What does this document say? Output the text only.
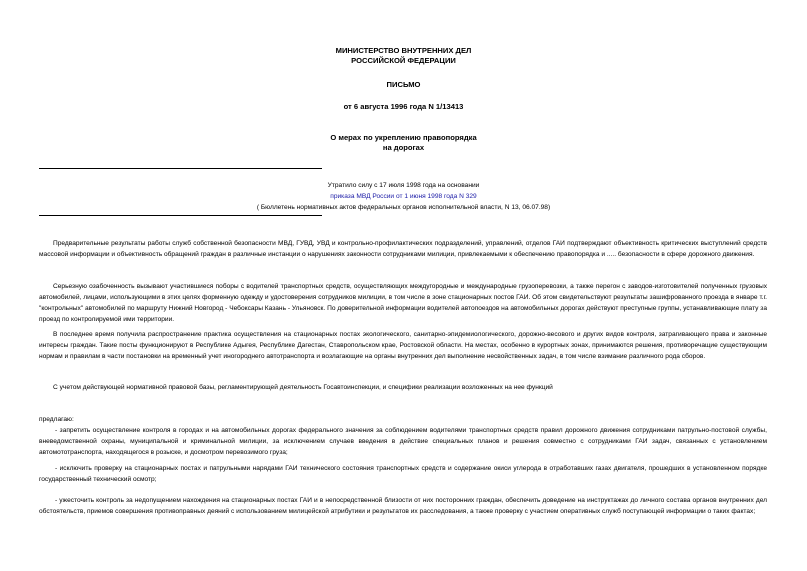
МИНИСТЕРСТВО ВНУТРЕННИХ ДЕЛ
РОССИЙСКОЙ ФЕДЕРАЦИИ
ПИСЬМО
от 6 августа 1996 года N 1/13413
О мерах по укреплению правопорядка
на дорогах
Утратило силу с 17 июля 1998 года на основании
приказа МВД России от 1 июня 1998 года N 329
( Бюллетень нормативных актов федеральных органов исполнительной власти, N 13, 06.07.98)

Предварительные результаты работы служб собственной безопасности МВД, ГУВД, УВД и контрольно-профилактических подразделений, управлений, отделов ГАИ подтверждают объективность критических выступлений средств массовой информации и объективность обращений граждан в различные инстанции о нарушениях законности сотрудниками милиции, привлекаемыми к обеспечению правопорядка и ..... безопасности в сфере дорожного движения.

Серьезную озабоченность вызывают участившиеся поборы с водителей транспортных средств, осуществляющих междугородные и международные грузоперевозки, а также перегон с заводов-изготовителей полученных грузовых автомобилей, лицами, использующими в этих целях форменную одежду и удостоверения сотрудников милиции, в том числе в зоне стационарных постов ГАИ. Об этом свидетельствуют результаты зашифрованного проезда в январе т.г. "контрольных" автомобилей по маршруту Нижний Новгород - Чебоксары Казань - Ульяновск. По доверительной информации водителей автопоездов на автомобильных дорогах действуют преступные группы, устанавливающие плату за проезд по контролируемой ими территории.

В последнее время получила распространение практика осуществления на стационарных постах экологического, санитарно-эпидемиологического, дорожно-весового и других видов контроля, затрагивающего права и законные интересы граждан. Такие посты функционируют в Республике Адыгея, Республике Дагестан, Ставропольском крае, Ростовской области. На местах, особенно в курортных зонах, принимаются решения, противоречащие существующим нормам и правилам в части постановки на временный учет иногороднего автотранспорта и возлагающие на органы внутренних дел выполнение несвойственных задач, в том числе взимание различного рода сборов.

С учетом действующей нормативной правовой базы, регламентирующей деятельность Госавтоинспекции, и специфики реализации возложенных на нее функций

предлагаю:

- запретить осуществление контроля в городах и на автомобильных дорогах федерального значения за соблюдением водителями транспортных средств правил дорожного движения сотрудниками патрульно-постовой службы, вневедомственной охраны, муниципальной и криминальной милиции, за исключением случаев введения в действие специальных планов и решения совместно с сотрудниками ГАИ задач, связанных с установлением автомототранспорта, находящегося в розыске, и досмотром перевозимого груза;

- исключить проверку на стационарных постах и патрульными нарядами ГАИ технического состояния транспортных средств и содержание окиси углерода в отработавших газах двигателя, прошедших в установленном порядке государственный технический осмотр;

- ужесточить контроль за недопущением нахождения на стационарных постах ГАИ и в непосредственной близости от них посторонних граждан, обеспечить доведение на инструктажах до личного состава органов внутренних дел обстоятельств, приемов совершения противоправных деяний с использованием милицейской атрибутики и результатов их расследования, а также проверку с участием оперативных служб поступающей информации о таких фактах;
